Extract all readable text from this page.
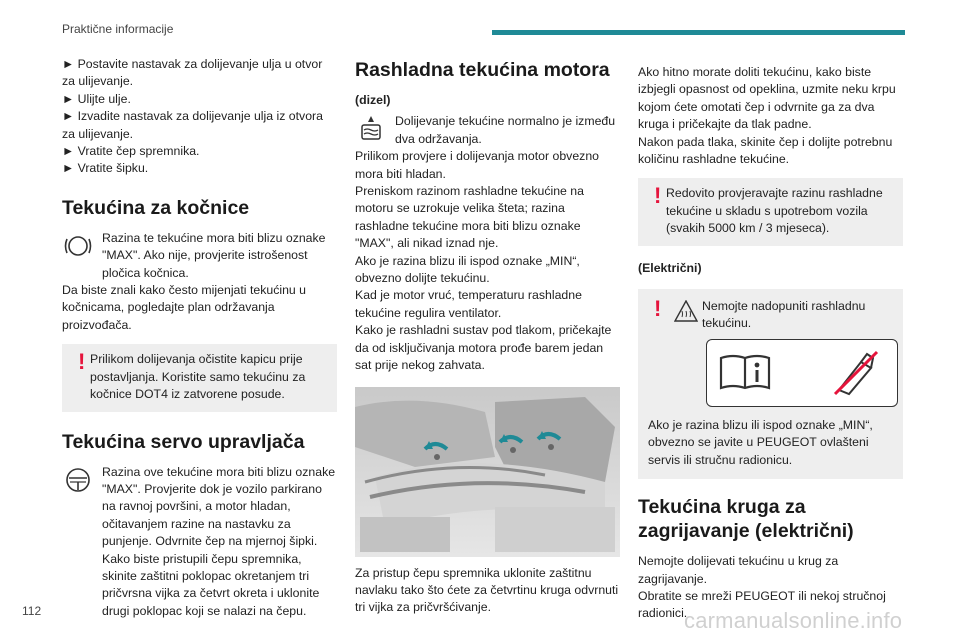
Praktične informacije

► Postavite nastavak za dolijevanje ulja u otvor za ulijevanje.

► Ulijte ulje.

► Izvadite nastavak za dolijevanje ulja iz otvora za ulijevanje.

► Vratite čep spremnika.

► Vratite šipku.

Tekućina za kočnice

Razina te tekućine mora biti blizu oznake "MAX". Ako nije, provjerite istrošenost pločica kočnica.

Da biste znali kako često mijenjati tekućinu u kočnicama, pogledajte plan održavanja proizvođača.

! Prilikom dolijevanja očistite kapicu prije postavljanja. Koristite samo tekućinu za kočnice DOT4 iz zatvorene posude.

Tekućina servo upravljača

Razina ove tekućine mora biti blizu oznake "MAX". Provjerite dok je vozilo parkirano na ravnoj površini, a motor hladan, očitavanjem razine na nastavku za punjenje. Odvrnite čep na mjernoj šipki. Kako biste pristupili čepu spremnika, skinite zaštitni poklopac okretanjem tri pričvrsna vijka za četvrt okreta i uklonite drugi poklopac koji se nalazi na čepu.

Rashladna tekućina motora

(dizel)

Dolijevanje tekućine normalno je između dva održavanja.

Prilikom provjere i dolijevanja motor obvezno mora biti hladan.

Preniskom razinom rashladne tekućine na motoru se uzrokuje velika šteta; razina rashladne tekućine mora biti blizu oznake "MAX", ali nikad iznad nje.

Ako je razina blizu ili ispod oznake „MIN“, obvezno dolijte tekućinu.

Kad je motor vruć, temperaturu rashladne tekućine regulira ventilator.

Kako je rashladni sustav pod tlakom, pričekajte da od isključivanja motora prođe barem jedan sat prije nekog zahvata.

Za pristup čepu spremnika uklonite zaštitnu navlaku tako što ćete za četvrtinu kruga odvrnuti tri vijka za pričvršćivanje.

Ako hitno morate doliti tekućinu, kako biste izbjegli opasnost od opeklina, uzmite neku krpu kojom ćete omotati čep i odvrnite ga za dva kruga i pričekajte da tlak padne.

Nakon pada tlaka, skinite čep i dolijte potrebnu količinu rashladne tekućine.

! Redovito provjeravajte razinu rashladne tekućine u skladu s upotrebom vozila (svakih 5000 km / 3 mjeseca).

(Električni)

!	Nemojte nadopuniti rashladnu tekućinu.

Ako je razina blizu ili ispod oznake „MIN“, obvezno se javite u PEUGEOT ovlašteni servis ili stručnu radionicu.

Tekućina kruga za zagrijavanje (električni)

Nemojte dolijevati tekućinu u krug za zagrijavanje.

Obratite se mreži PEUGEOT ili nekoj stručnoj radionici.

112	carmanualsonline.info
